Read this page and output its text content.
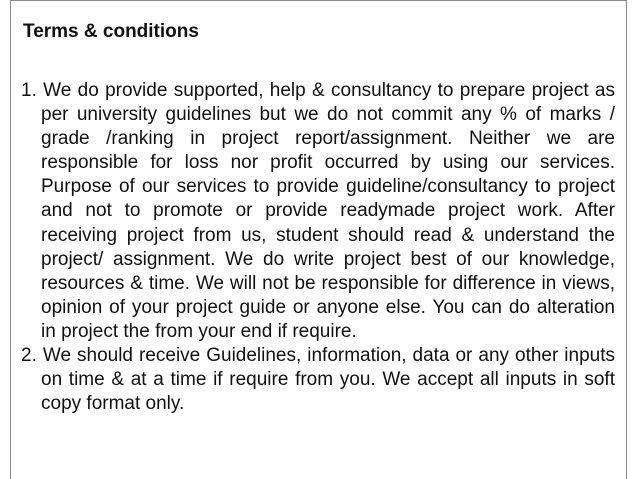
Terms & conditions

1. We do provide supported, help & consultancy to prepare project as per university guidelines but we do not commit any % of marks / grade /ranking in project report/assignment. Neither we are responsible for loss nor profit occurred by using our services. Purpose of our services to provide guideline/consultancy to project and not to promote or provide readymade project work. After receiving project from us, student should read & understand the project/ assignment. We do write project best of our knowledge, resources & time. We will not be responsible for difference in views, opinion of your project guide or anyone else. You can do alteration in project the from your end if require.

2. We should receive Guidelines, information, data or any other inputs on time & at a time if require from you. We accept all inputs in soft copy format only.
